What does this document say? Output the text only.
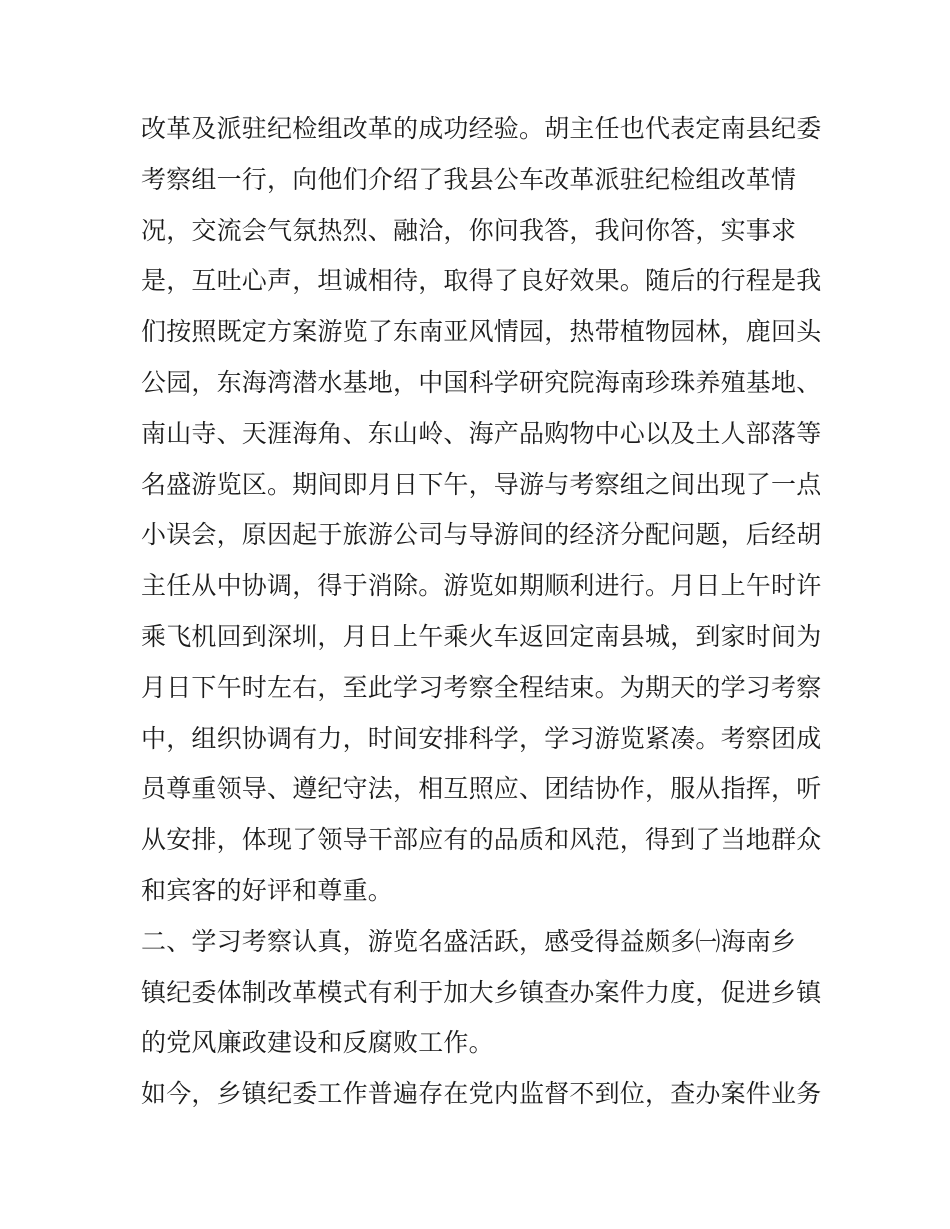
改革及派驻纪检组改革的成功经验。胡主任也代表定南县纪委
考察组一行，向他们介绍了我县公车改革派驻纪检组改革情
况，交流会气氛热烈、融洽，你问我答，我问你答，实事求
是，互吐心声，坦诚相待，取得了良好效果。随后的行程是我
们按照既定方案游览了东南亚风情园，热带植物园林，鹿回头
公园，东海湾潜水基地，中国科学研究院海南珍珠养殖基地、
南山寺、天涯海角、东山岭、海产品购物中心以及土人部落等
名盛游览区。期间即月日下午，导游与考察组之间出现了一点
小误会，原因起于旅游公司与导游间的经济分配问题，后经胡
主任从中协调，得于消除。游览如期顺利进行。月日上午时许
乘飞机回到深圳，月日上午乘火车返回定南县城，到家时间为
月日下午时左右，至此学习考察全程结束。为期天的学习考察
中，组织协调有力，时间安排科学，学习游览紧凑。考察团成
员尊重领导、遵纪守法，相互照应、团结协作，服从指挥，听
从安排，体现了领导干部应有的品质和风范，得到了当地群众
和宾客的好评和尊重。

二、学习考察认真，游览名盛活跃，感受得益颇多㈠海南乡
镇纪委体制改革模式有利于加大乡镇查办案件力度，促进乡镇
的党风廉政建设和反腐败工作。

如今，乡镇纪委工作普遍存在党内监督不到位，查办案件业务
